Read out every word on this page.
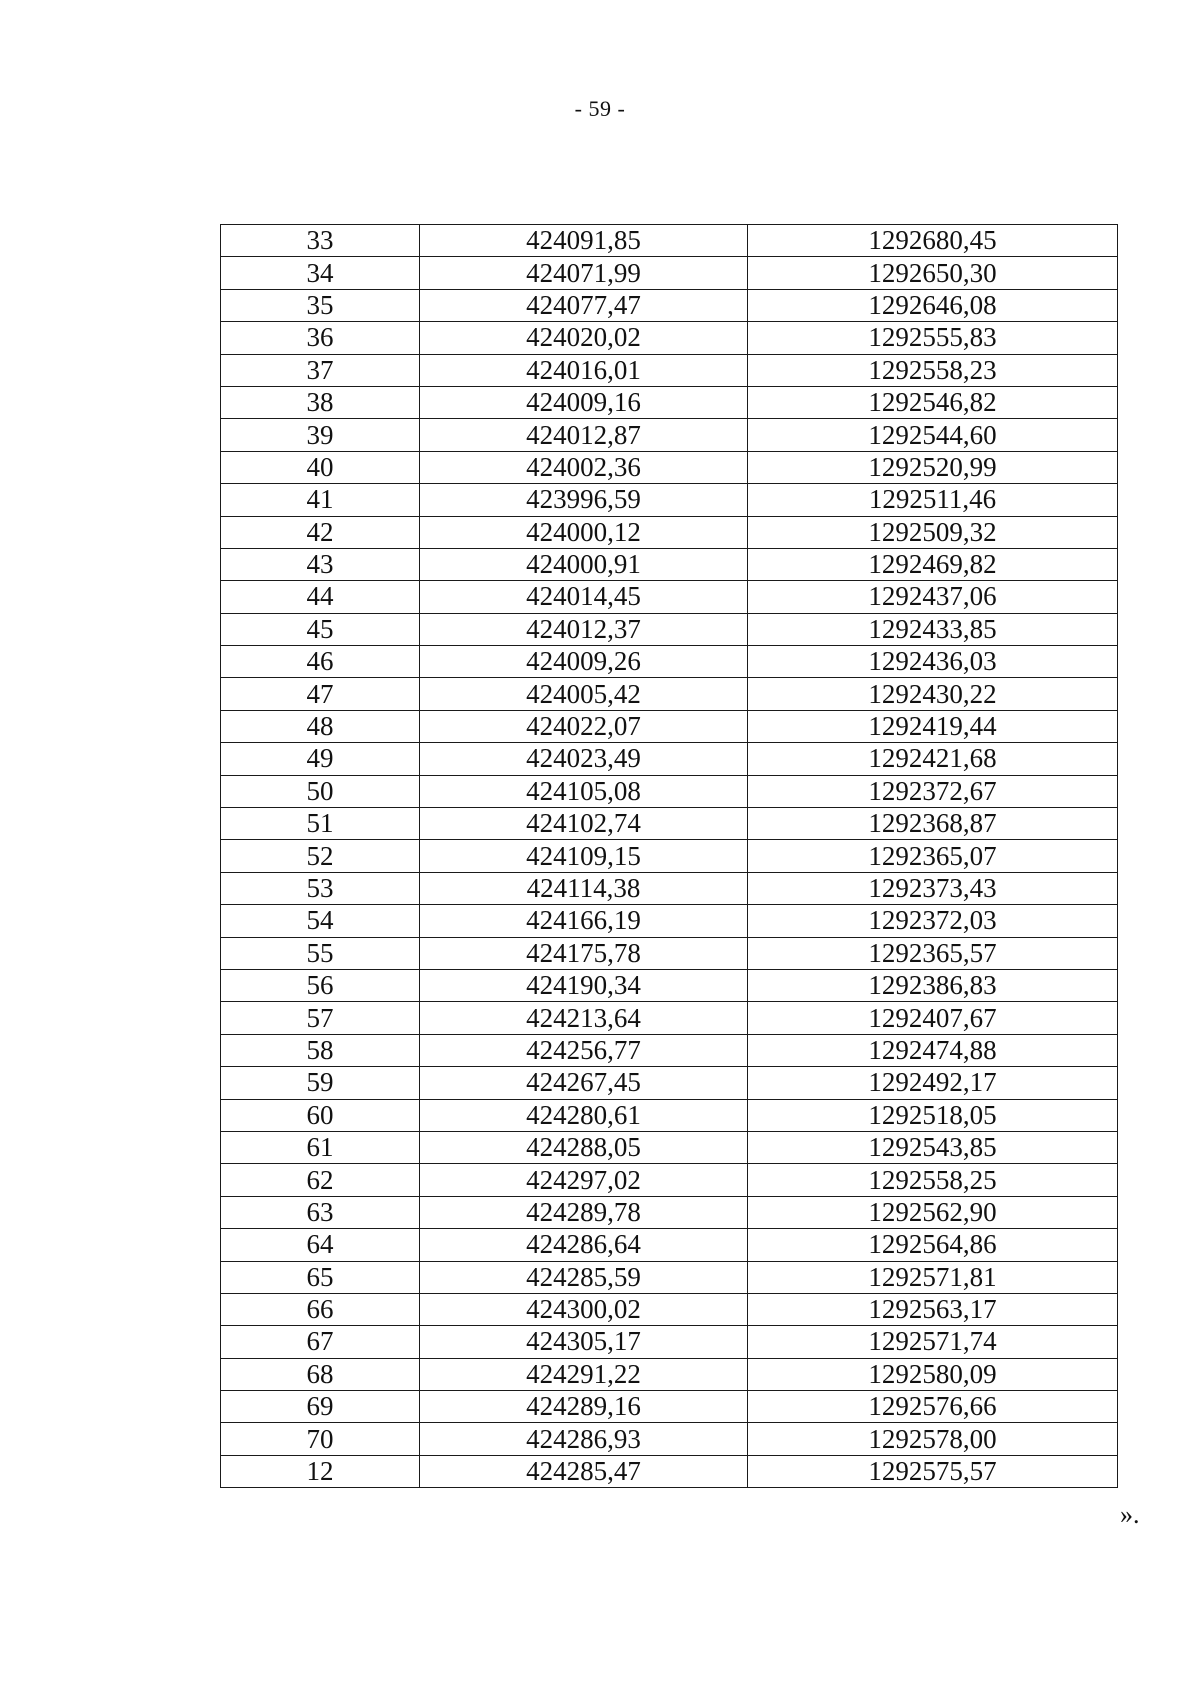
- 59 -
33	424091,85	1292680,45
34	424071,99	1292650,30
35	424077,47	1292646,08
36	424020,02	1292555,83
37	424016,01	1292558,23
38	424009,16	1292546,82
39	424012,87	1292544,60
40	424002,36	1292520,99
41	423996,59	1292511,46
42	424000,12	1292509,32
43	424000,91	1292469,82
44	424014,45	1292437,06
45	424012,37	1292433,85
46	424009,26	1292436,03
47	424005,42	1292430,22
48	424022,07	1292419,44
49	424023,49	1292421,68
50	424105,08	1292372,67
51	424102,74	1292368,87
52	424109,15	1292365,07
53	424114,38	1292373,43
54	424166,19	1292372,03
55	424175,78	1292365,57
56	424190,34	1292386,83
57	424213,64	1292407,67
58	424256,77	1292474,88
59	424267,45	1292492,17
60	424280,61	1292518,05
61	424288,05	1292543,85
62	424297,02	1292558,25
63	424289,78	1292562,90
64	424286,64	1292564,86
65	424285,59	1292571,81
66	424300,02	1292563,17
67	424305,17	1292571,74
68	424291,22	1292580,09
69	424289,16	1292576,66
70	424286,93	1292578,00
12	424285,47	1292575,57
».
